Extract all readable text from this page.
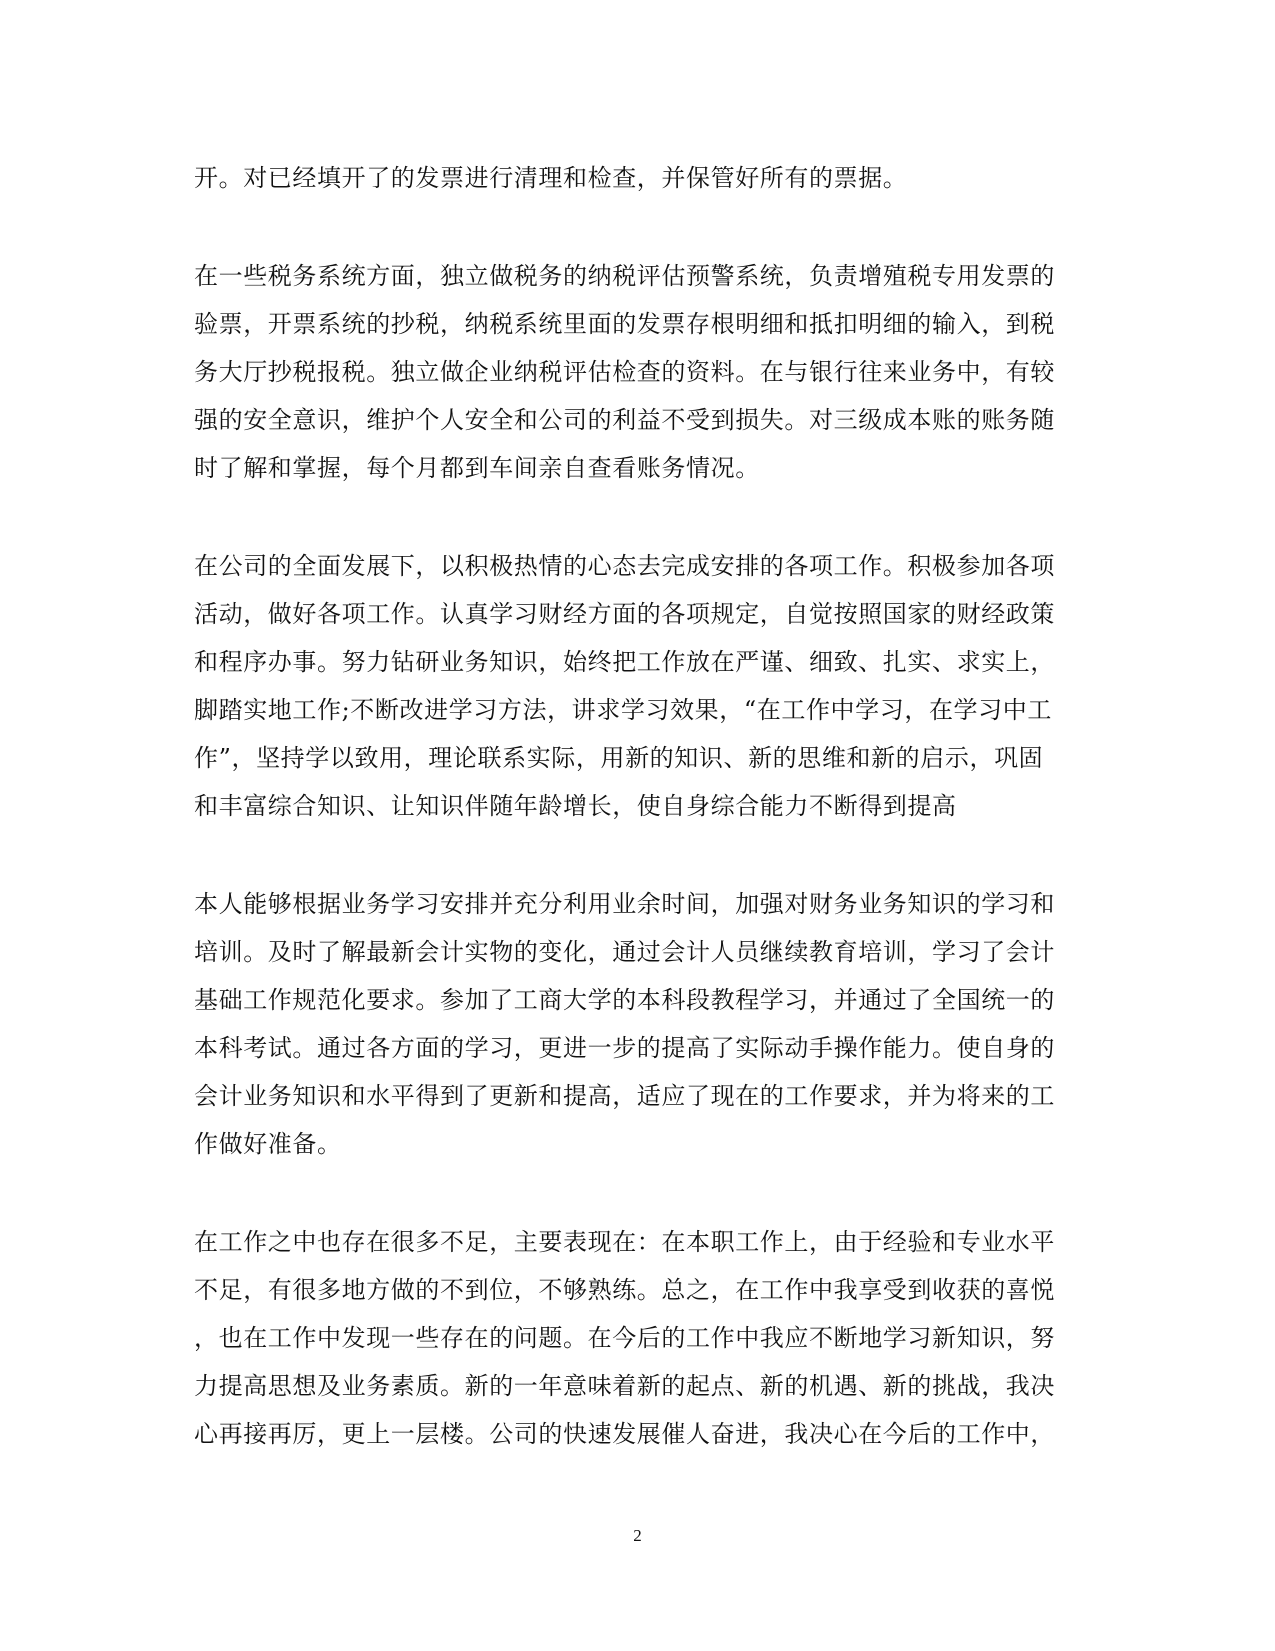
开。对已经填开了的发票进行清理和检查，并保管好所有的票据。
在一些税务系统方面，独立做税务的纳税评估预警系统，负责增殖税专用发票的
验票，开票系统的抄税，纳税系统里面的发票存根明细和抵扣明细的输入，到税
务大厅抄税报税。独立做企业纳税评估检查的资料。在与银行往来业务中，有较
强的安全意识，维护个人安全和公司的利益不受到损失。对三级成本账的账务随
时了解和掌握，每个月都到车间亲自查看账务情况。
在公司的全面发展下，以积极热情的心态去完成安排的各项工作。积极参加各项
活动，做好各项工作。认真学习财经方面的各项规定，自觉按照国家的财经政策
和程序办事。努力钻研业务知识，始终把工作放在严谨、细致、扎实、求实上，
脚踏实地工作;不断改进学习方法，讲求学习效果，“在工作中学习，在学习中工
作”，坚持学以致用，理论联系实际，用新的知识、新的思维和新的启示，巩固
和丰富综合知识、让知识伴随年龄增长，使自身综合能力不断得到提高
本人能够根据业务学习安排并充分利用业余时间，加强对财务业务知识的学习和
培训。及时了解最新会计实物的变化，通过会计人员继续教育培训，学习了会计
基础工作规范化要求。参加了工商大学的本科段教程学习，并通过了全国统一的
本科考试。通过各方面的学习，更进一步的提高了实际动手操作能力。使自身的
会计业务知识和水平得到了更新和提高，适应了现在的工作要求，并为将来的工
作做好准备。
在工作之中也存在很多不足，主要表现在：在本职工作上，由于经验和专业水平
不足，有很多地方做的不到位，不够熟练。总之，在工作中我享受到收获的喜悦
，也在工作中发现一些存在的问题。在今后的工作中我应不断地学习新知识，努
力提高思想及业务素质。新的一年意味着新的起点、新的机遇、新的挑战，我决
心再接再厉，更上一层楼。公司的快速发展催人奋进，我决心在今后的工作中，
2
